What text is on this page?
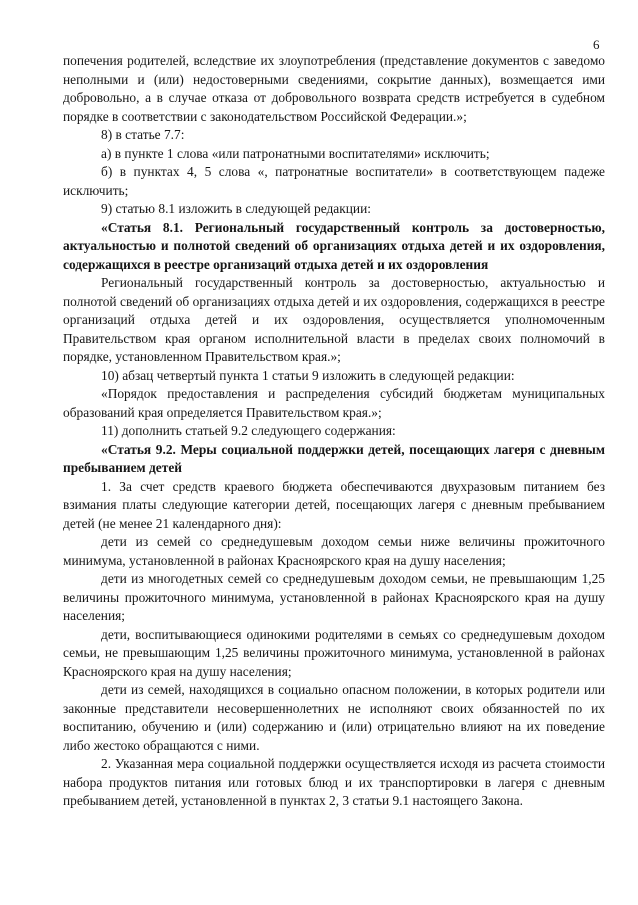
6

попечения родителей, вследствие их злоупотребления (представление документов с заведомо неполными и (или) недостоверными сведениями, сокрытие данных), возмещается ими добровольно, а в случае отказа от добровольного возврата средств истребуется в судебном порядке в соответствии с законодательством Российской Федерации.»;

8) в статье 7.7:

а) в пункте 1 слова «или патронатными воспитателями» исключить;

б) в пунктах 4, 5 слова «, патронатные воспитатели» в соответствующем падеже исключить;

9) статью 8.1 изложить в следующей редакции:

«Статья 8.1. Региональный государственный контроль за достоверностью, актуальностью и полнотой сведений об организациях отдыха детей и их оздоровления, содержащихся в реестре организаций отдыха детей и их оздоровления

Региональный государственный контроль за достоверностью, актуальностью и полнотой сведений об организациях отдыха детей и их оздоровления, содержащихся в реестре организаций отдыха детей и их оздоровления, осуществляется уполномоченным Правительством края органом исполнительной власти в пределах своих полномочий в порядке, установленном Правительством края.»;

10) абзац четвертый пункта 1 статьи 9 изложить в следующей редакции:

«Порядок предоставления и распределения субсидий бюджетам муниципальных образований края определяется Правительством края.»;

11) дополнить статьей 9.2 следующего содержания:

«Статья 9.2. Меры социальной поддержки детей, посещающих лагеря с дневным пребыванием детей

1. За счет средств краевого бюджета обеспечиваются двухразовым питанием без взимания платы следующие категории детей, посещающих лагеря с дневным пребыванием детей (не менее 21 календарного дня):

дети из семей со среднедушевым доходом семьи ниже величины прожиточного минимума, установленной в районах Красноярского края на душу населения;

дети из многодетных семей со среднедушевым доходом семьи, не превышающим 1,25 величины прожиточного минимума, установленной в районах Красноярского края на душу населения;

дети, воспитывающиеся одинокими родителями в семьях со среднедушевым доходом семьи, не превышающим 1,25 величины прожиточного минимума, установленной в районах Красноярского края на душу населения;

дети из семей, находящихся в социально опасном положении, в которых родители или законные представители несовершеннолетних не исполняют своих обязанностей по их воспитанию, обучению и (или) содержанию и (или) отрицательно влияют на их поведение либо жестоко обращаются с ними.

2. Указанная мера социальной поддержки осуществляется исходя из расчета стоимости набора продуктов питания или готовых блюд и их транспортировки в лагеря с дневным пребыванием детей, установленной в пунктах 2, 3 статьи 9.1 настоящего Закона.
